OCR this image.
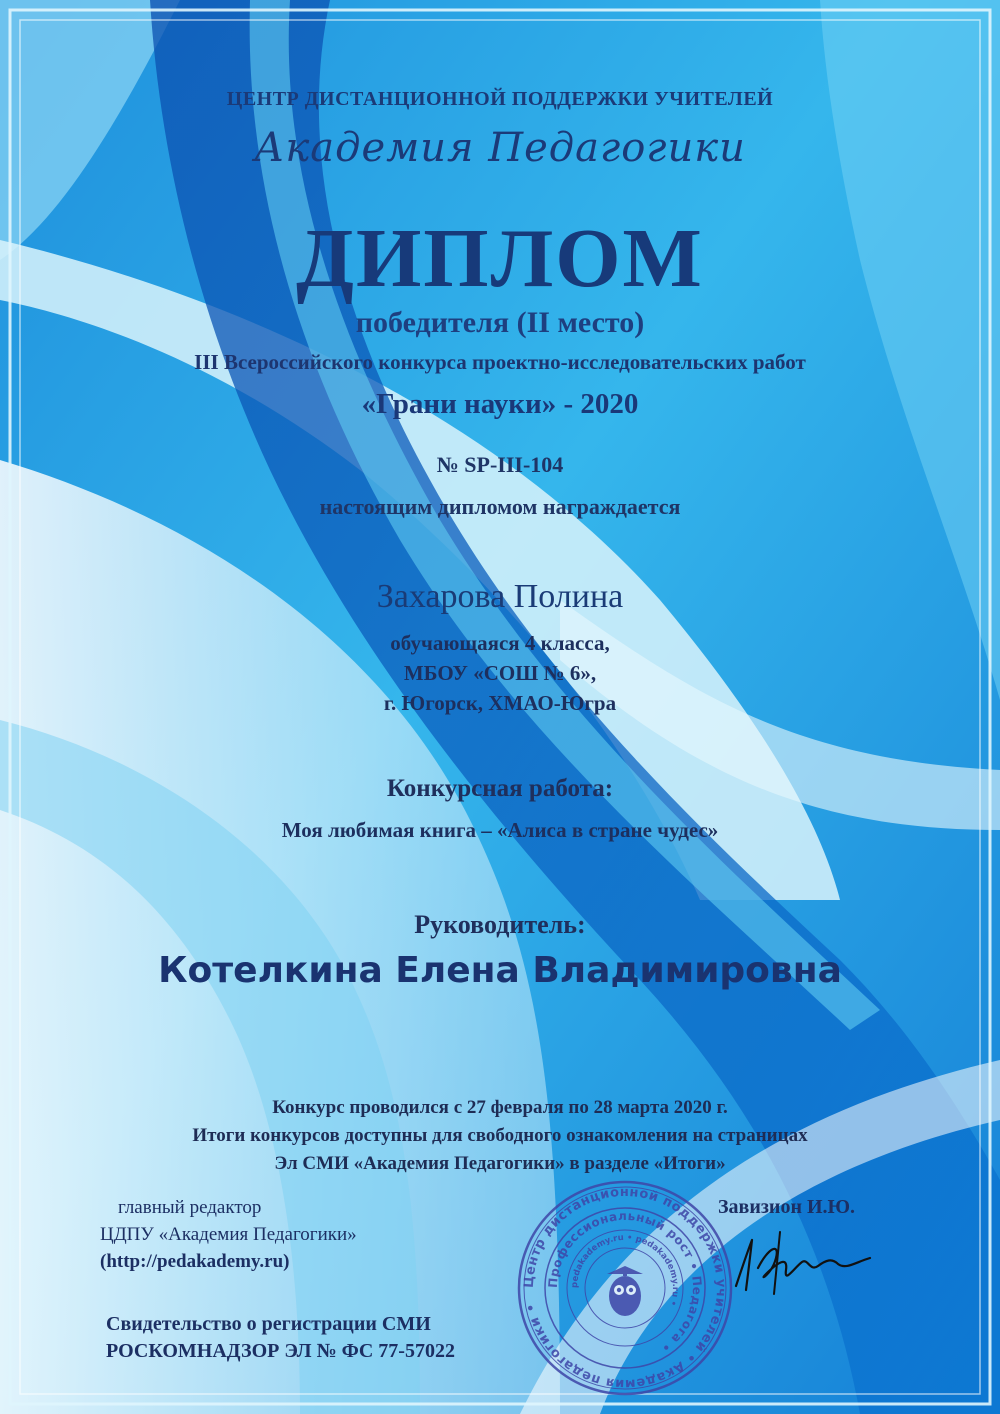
ЦЕНТР ДИСТАНЦИОННОЙ ПОДДЕРЖКИ УЧИТЕЛЕЙ
Академия Педагогики
ДИПЛОМ
победителя (II место)
III Всероссийского конкурса проектно-исследовательских работ
«Грани науки» - 2020
№ SP-III-104
настоящим дипломом награждается
Захарова Полина
обучающаяся 4 класса,
МБОУ «СОШ № 6»,
г. Югорск, ХМАО-Югра
Конкурсная работа:
Моя любимая книга – «Алиса в стране чудес»
Руководитель:
Котелкина Елена Владимировна
Конкурс проводился с 27 февраля по 28 марта 2020 г.
Итоги конкурсов доступны для свободного ознакомления на страницах
Эл СМИ «Академия Педагогики» в разделе «Итоги»
главный редактор
ЦДПУ «Академия Педагогики»
(http://pedakademy.ru)
Завизион И.Ю.
Свидетельство о регистрации СМИ
РОСКОМНАДЗОР ЭЛ № ФС 77-57022
Центр дистанционной поддержки учителей • Академия педагогики •
Профессиональный рост • Педагога •
pedakademy.ru • pedakademy.ru •
